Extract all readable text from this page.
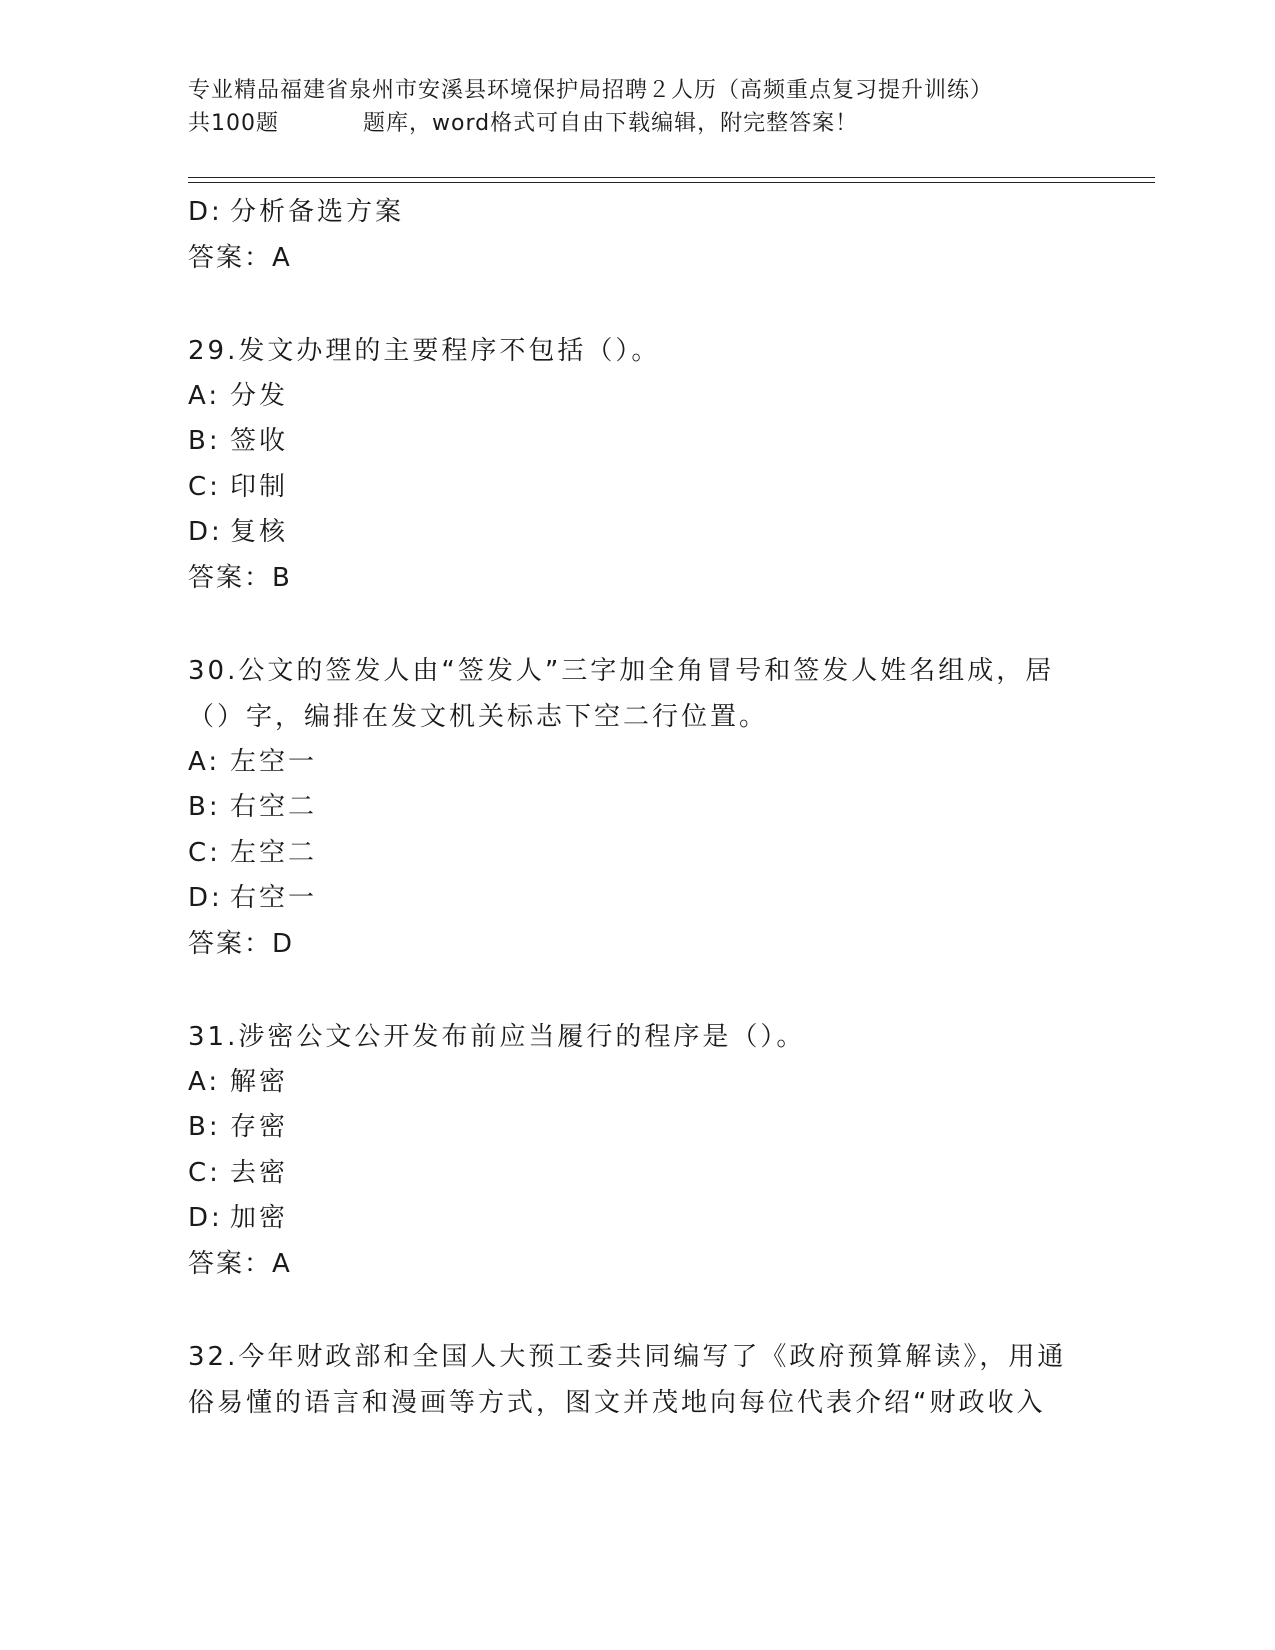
专业精品福建省泉州市安溪县环境保护局招聘２人历（高频重点复习提升训练）
共100题	题库，word格式可自由下载编辑，附完整答案！
D: 分析备选方案
答案：A
29.发文办理的主要程序不包括（）。
A: 分发
B: 签收
C: 印制
D: 复核
答案：B
30.公文的签发人由“签发人”三字加全角冒号和签发人姓名组成，居
（）字，编排在发文机关标志下空二行位置。
A: 左空一
B: 右空二
C: 左空二
D: 右空一
答案：D
31.涉密公文公开发布前应当履行的程序是（）。
A: 解密
B: 存密
C: 去密
D: 加密
答案：A
32.今年财政部和全国人大预工委共同编写了《政府预算解读》，用通
俗易懂的语言和漫画等方式，图文并茂地向每位代表介绍“财政收入
